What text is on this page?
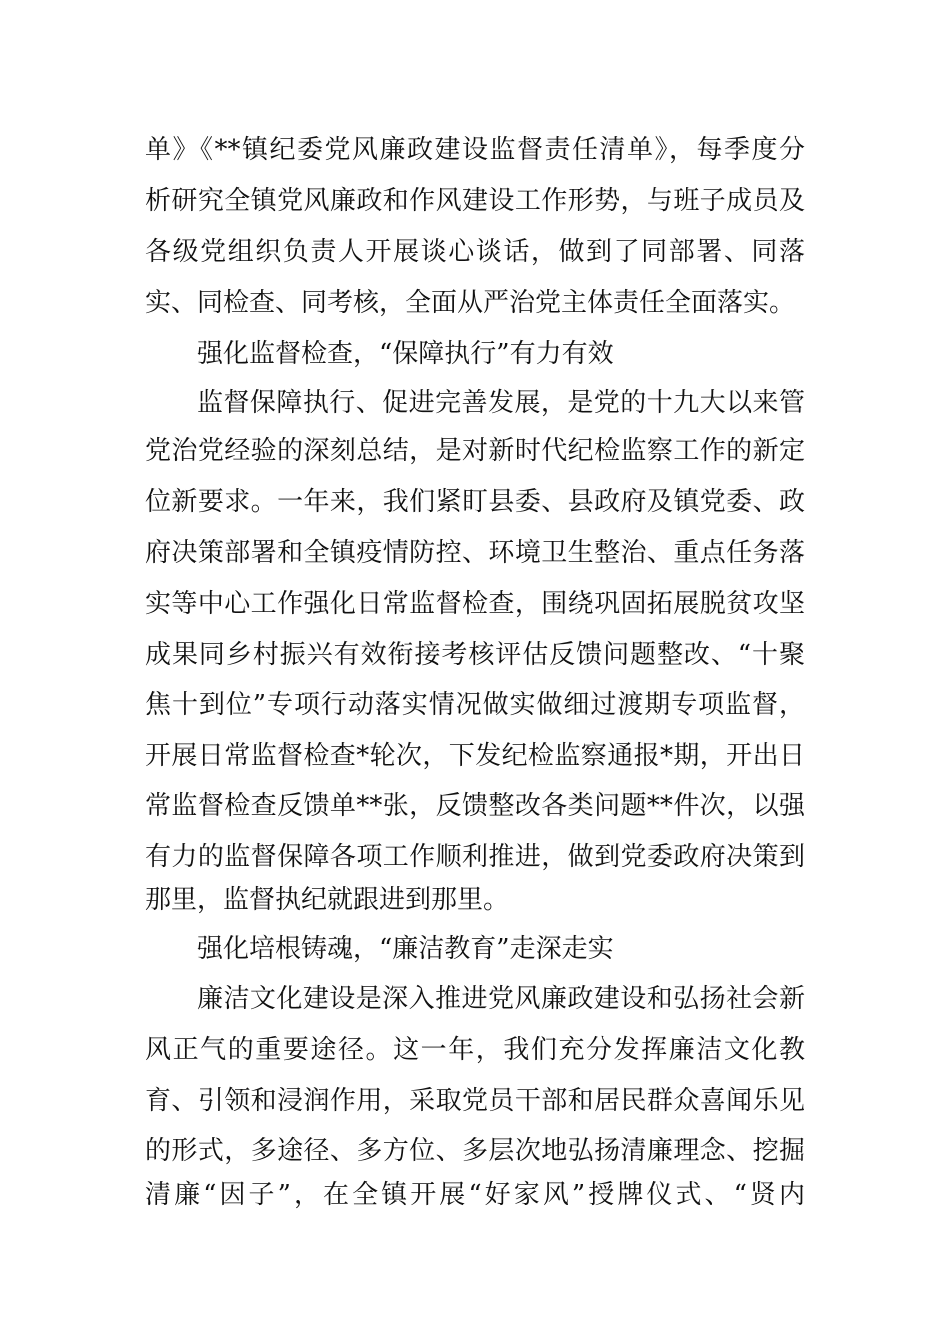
单》《**镇纪委党风廉政建设监督责任清单》，每季度分
析研究全镇党风廉政和作风建设工作形势，与班子成员及
各级党组织负责人开展谈心谈话，做到了同部署、同落
实、同检查、同考核，全面从严治党主体责任全面落实。
强化监督检查，“保障执行”有力有效
监督保障执行、促进完善发展，是党的十九大以来管
党治党经验的深刻总结，是对新时代纪检监察工作的新定
位新要求。一年来，我们紧盯县委、县政府及镇党委、政
府决策部署和全镇疫情防控、环境卫生整治、重点任务落
实等中心工作强化日常监督检查，围绕巩固拓展脱贫攻坚
成果同乡村振兴有效衔接考核评估反馈问题整改、“十聚
焦十到位”专项行动落实情况做实做细过渡期专项监督，
开展日常监督检查*轮次，下发纪检监察通报*期，开出日
常监督检查反馈单**张，反馈整改各类问题**件次，以强
有力的监督保障各项工作顺利推进，做到党委政府决策到
那里，监督执纪就跟进到那里。
强化培根铸魂，“廉洁教育”走深走实
廉洁文化建设是深入推进党风廉政建设和弘扬社会新
风正气的重要途径。这一年，我们充分发挥廉洁文化教
育、引领和浸润作用，采取党员干部和居民群众喜闻乐见
的形式，多途径、多方位、多层次地弘扬清廉理念、挖掘
清廉“因子”，在全镇开展“好家风”授牌仪式、“贤内
